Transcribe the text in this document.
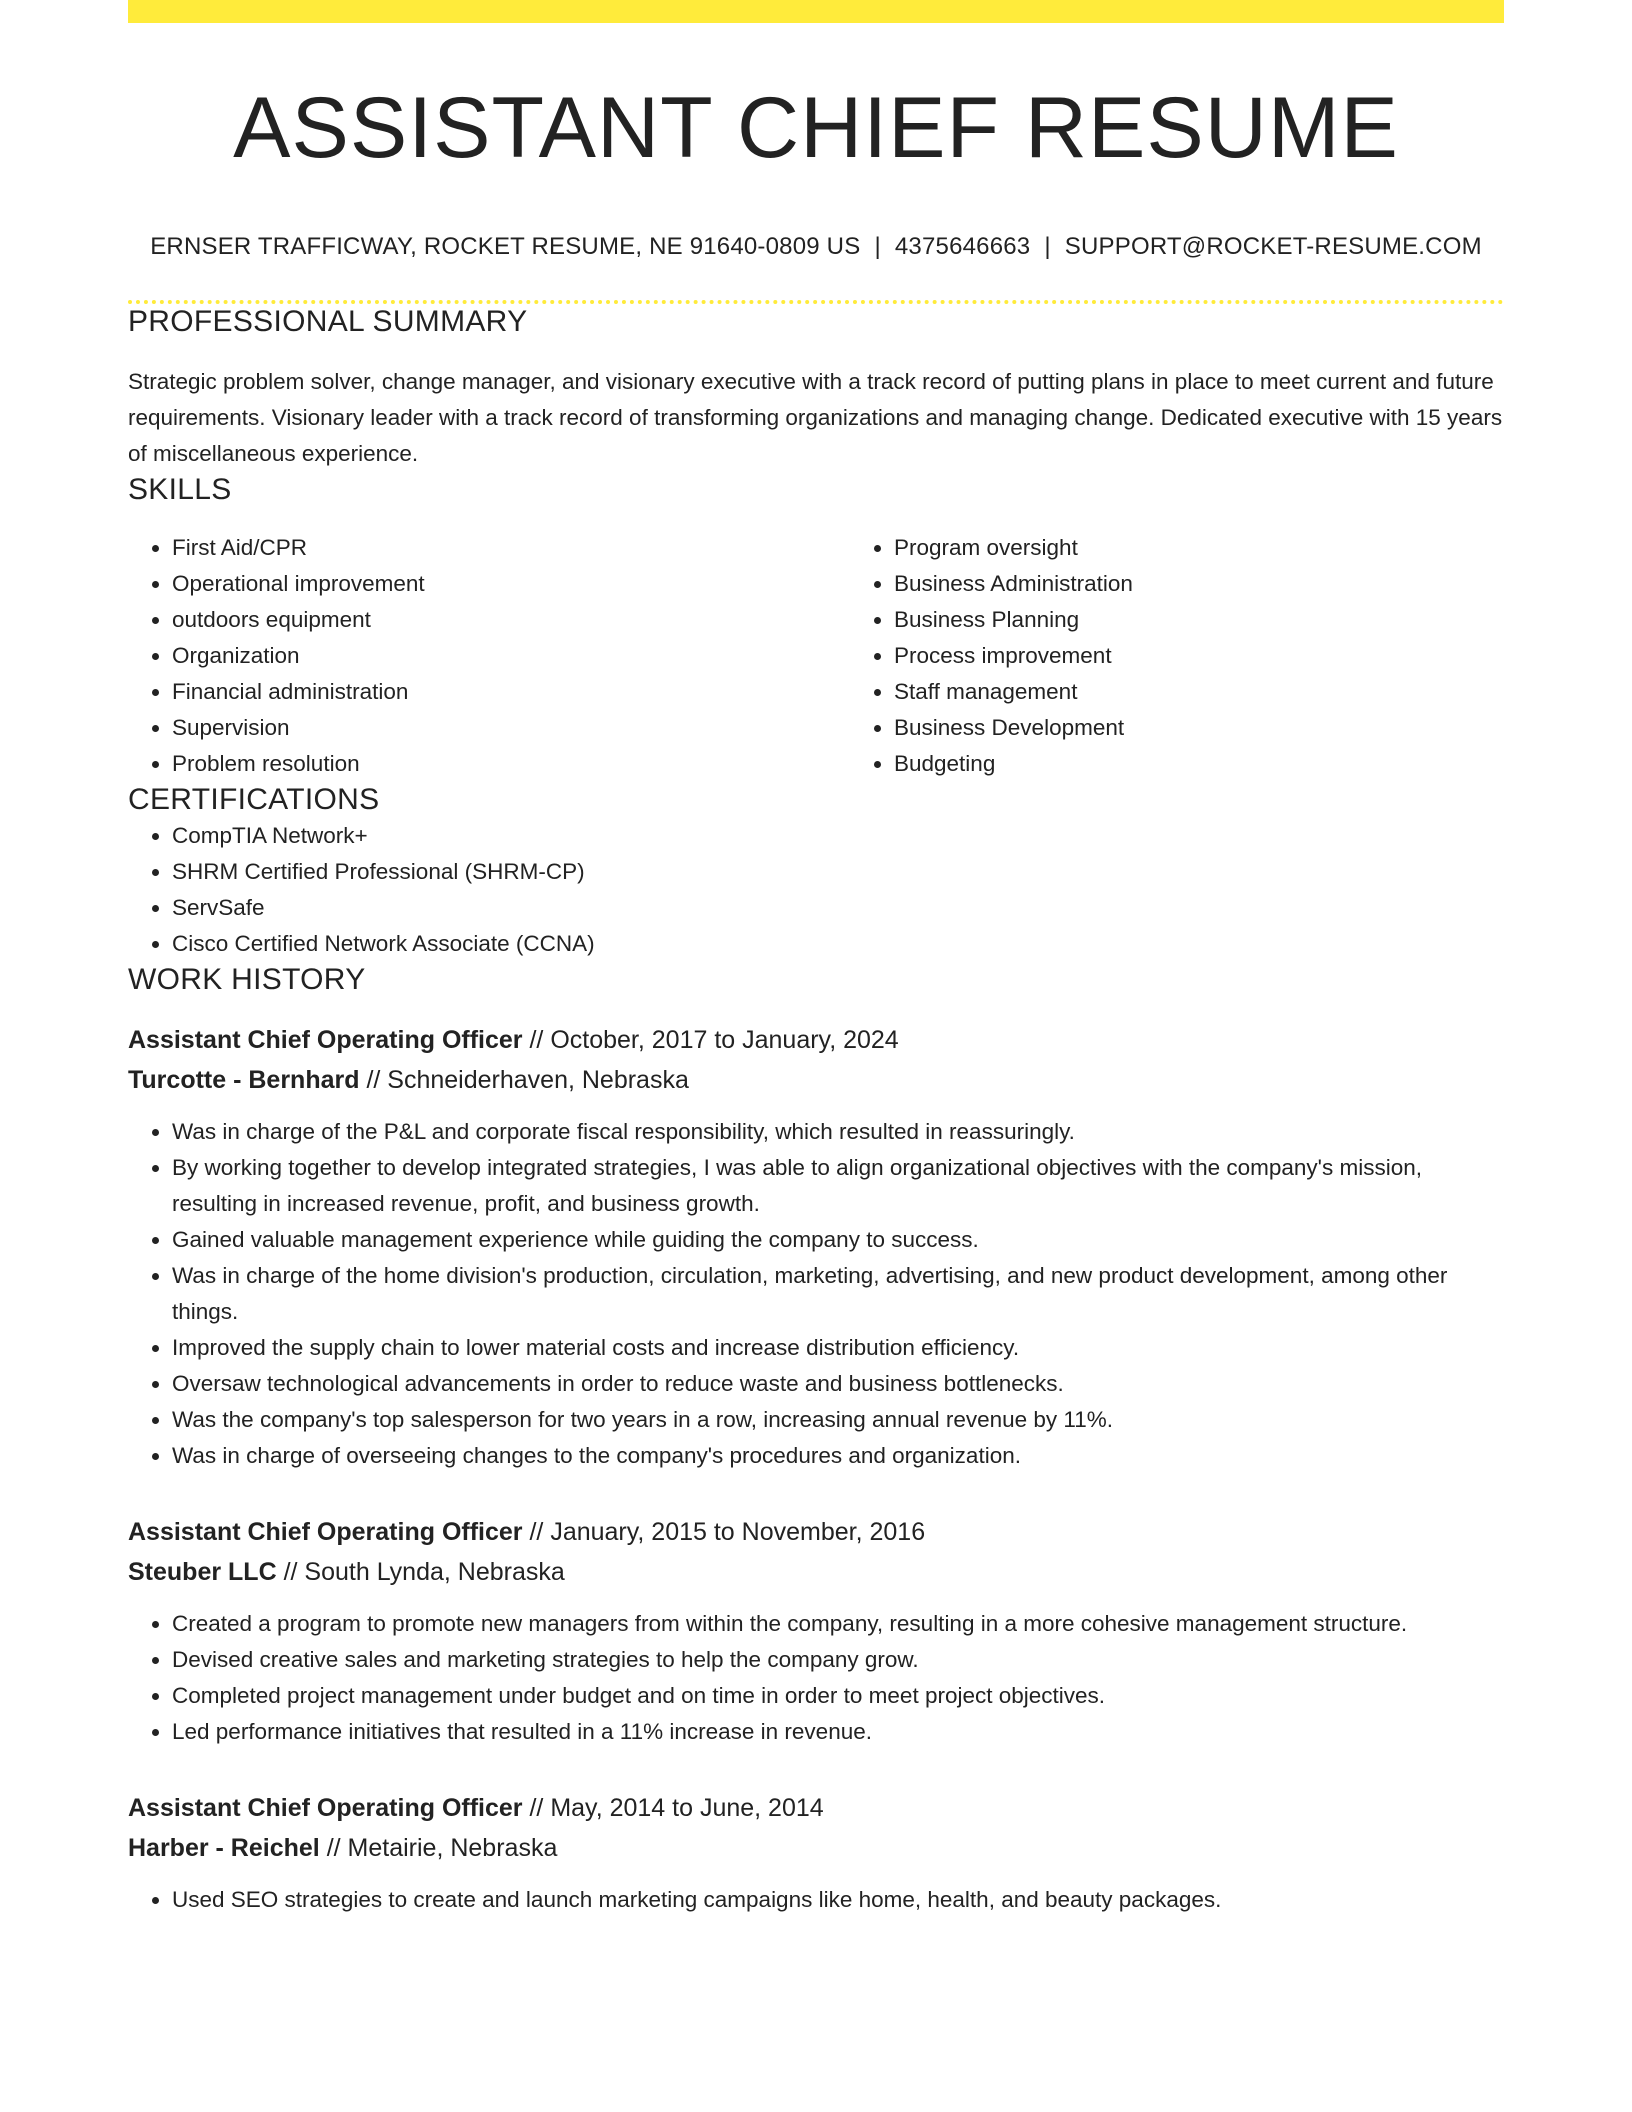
ASSISTANT CHIEF RESUME
ERNSER TRAFFICWAY, ROCKET RESUME, NE 91640-0809 US | 4375646663 | SUPPORT@ROCKET-RESUME.COM
PROFESSIONAL SUMMARY
Strategic problem solver, change manager, and visionary executive with a track record of putting plans in place to meet current and future requirements. Visionary leader with a track record of transforming organizations and managing change. Dedicated executive with 15 years of miscellaneous experience.
SKILLS
• First Aid/CPR
• Operational improvement
• outdoors equipment
• Organization
• Financial administration
• Supervision
• Problem resolution
• Program oversight
• Business Administration
• Business Planning
• Process improvement
• Staff management
• Business Development
• Budgeting
CERTIFICATIONS
• CompTIA Network+
• SHRM Certified Professional (SHRM-CP)
• ServSafe
• Cisco Certified Network Associate (CCNA)
WORK HISTORY
Assistant Chief Operating Officer // October, 2017 to January, 2024
Turcotte - Bernhard // Schneiderhaven, Nebraska
• Was in charge of the P&L and corporate fiscal responsibility, which resulted in reassuringly.
• By working together to develop integrated strategies, I was able to align organizational objectives with the company's mission, resulting in increased revenue, profit, and business growth.
• Gained valuable management experience while guiding the company to success.
• Was in charge of the home division's production, circulation, marketing, advertising, and new product development, among other things.
• Improved the supply chain to lower material costs and increase distribution efficiency.
• Oversaw technological advancements in order to reduce waste and business bottlenecks.
• Was the company's top salesperson for two years in a row, increasing annual revenue by 11%.
• Was in charge of overseeing changes to the company's procedures and organization.
Assistant Chief Operating Officer // January, 2015 to November, 2016
Steuber LLC // South Lynda, Nebraska
• Created a program to promote new managers from within the company, resulting in a more cohesive management structure.
• Devised creative sales and marketing strategies to help the company grow.
• Completed project management under budget and on time in order to meet project objectives.
• Led performance initiatives that resulted in a 11% increase in revenue.
Assistant Chief Operating Officer // May, 2014 to June, 2014
Harber - Reichel // Metairie, Nebraska
• Used SEO strategies to create and launch marketing campaigns like home, health, and beauty packages.
